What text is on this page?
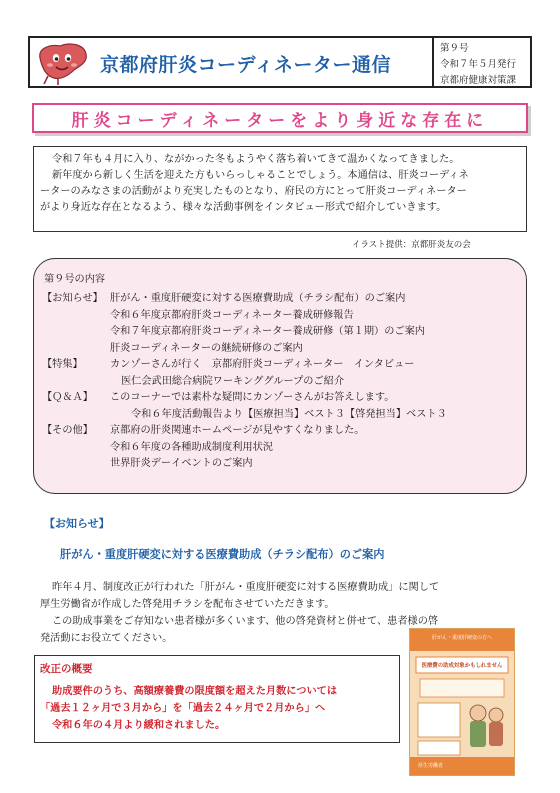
京都府肝炎コーディネーター通信
第９号
令和７年５月発行
京都府健康対策課
肝炎コーディネーターをより身近な存在に
令和７年も４月に入り、ながかった冬もようやく落ち着いてきて温かくなってきました。
新年度から新しく生活を迎えた方もいらっしゃることでしょう。本通信は、肝炎コーディネ
ーターのみなさまの活動がより充実したものとなり、府民の方にとって肝炎コーディネーター
がより身近な存在となるよう、様々な活動事例をインタビュー形式で紹介していきます。
イラスト提供：京都肝炎友の会
第９号の内容
【お知らせ】 肝がん・重度肝硬変に対する医療費助成（チラシ配布）のご案内
令和６年度京都府肝炎コーディネーター養成研修報告
令和７年度京都府肝炎コーディネーター養成研修（第１期）のご案内
肝炎コーディネーターの継続研修のご案内
【特集】	カンゾーさんが行く　京都府肝炎コーディネーター　インタビュー
医仁会武田総合病院ワーキンググループのご紹介
【Ｑ＆Ａ】 このコーナーでは素朴な疑問にカンゾーさんがお答えします。
令和６年度活動報告より【医療担当】ベスト３【啓発担当】ベスト３
【その他】 京都府の肝炎関連ホームページが見やすくなりました。
令和６年度の各種助成制度利用状況
世界肝炎デーイベントのご案内
【お知らせ】
肝がん・重度肝硬変に対する医療費助成（チラシ配布）のご案内
昨年４月、制度改正が行われた「肝がん・重度肝硬変に対する医療費助成」に関して
厚生労働省が作成した啓発用チラシを配布させていただきます。
この助成事業をご存知ない患者様が多くいます、他の啓発資材と併せて、患者様の啓
発活動にお役立てください。
改正の概要
助成要件のうち、高額療養費の限度額を超えた月数については
「過去１２ヶ月で３月から」を「過去２４ヶ月で２月から」へ
令和６年の４月より緩和されました。
肝がん・重度肝硬変の方へ
医療費の助成対象かもしれません
厚生労働省
